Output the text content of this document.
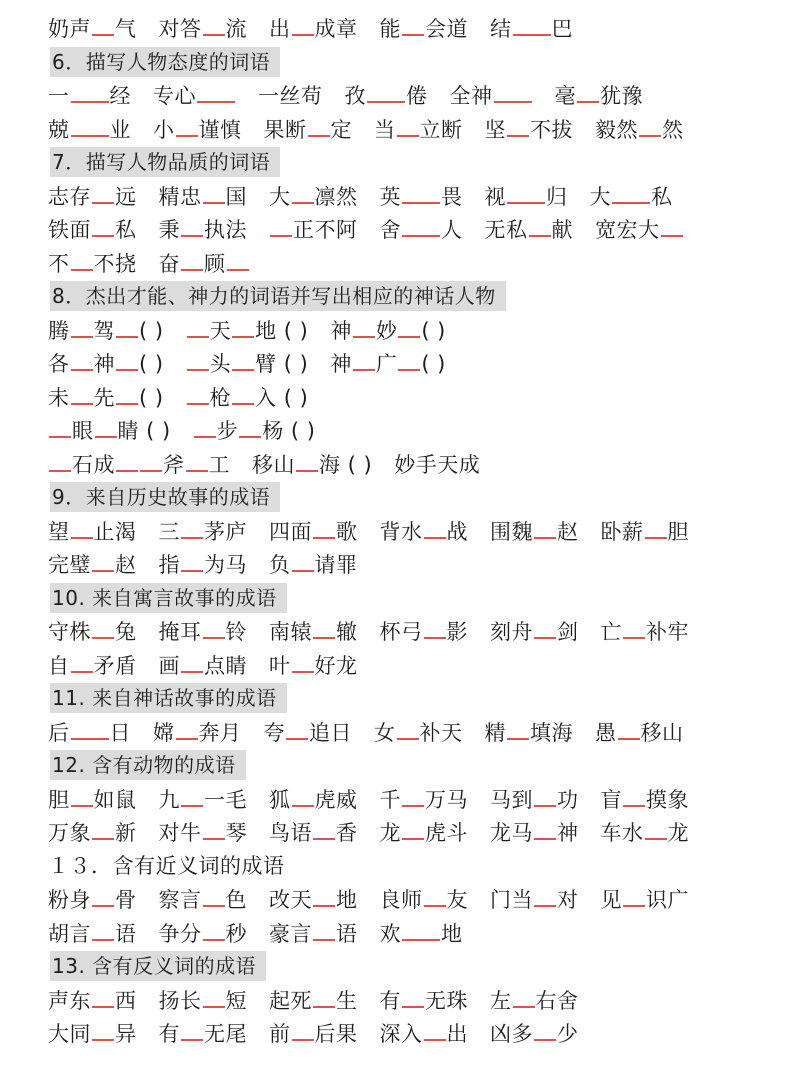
奶声 气 对答 流 出 成章 能 会道 结 巴
6．描写人物态度的词语
一 经 专心	一丝苟 孜 倦 全神	毫 犹豫
兢 业 小 谨慎 果断 定 当 立断 坚 不拔 毅然 然
7．描写人物品质的词语
志存 远 精忠 国 大 凛然 英 畏 视 归 大 私
铁面 私 秉 执法 正不阿 舍 人 无私 献 宽宏大
不 不挠 奋 顾
8．杰出才能、神力的词语并写出相应的神话人物
腾 驾 ( ) 天 地 ( ) 神 妙 ( )
各 神 ( ) 头 臂 ( ) 神 广 ( )
未 先 ( ) 枪 入 ( )
眼 睛 ( ) 步 杨 ( )
石成 斧 工 移山 海 ( ) 妙手天成
9．来自历史故事的成语
望 止渴 三 茅庐 四面 歌 背水 战 围魏 赵 卧薪 胆
完璧 赵 指 为马 负 请罪
10. 来自寓言故事的成语
守株 兔 掩耳 铃 南辕 辙 杯弓 影 刻舟 剑 亡 补牢
自 矛盾 画 点睛 叶 好龙
11. 来自神话故事的成语
后 日 嫦 奔月 夸 追日 女 补天 精 填海 愚 移山
12. 含有动物的成语
胆 如鼠 九 一毛 狐 虎威 千 万马 马到 功 盲 摸象
万象 新 对牛 琴 鸟语 香 龙 虎斗 龙马 神 车水 龙
１３．含有近义词的成语
粉身 骨 察言 色 改天 地 良师 友 门当 对 见 识广
胡言 语 争分 秒 豪言 语 欢 地
13. 含有反义词的成语
声东 西 扬长 短 起死 生 有 无珠 左 右舍
大同 异 有 无尾 前 后果 深入 出 凶多 少
